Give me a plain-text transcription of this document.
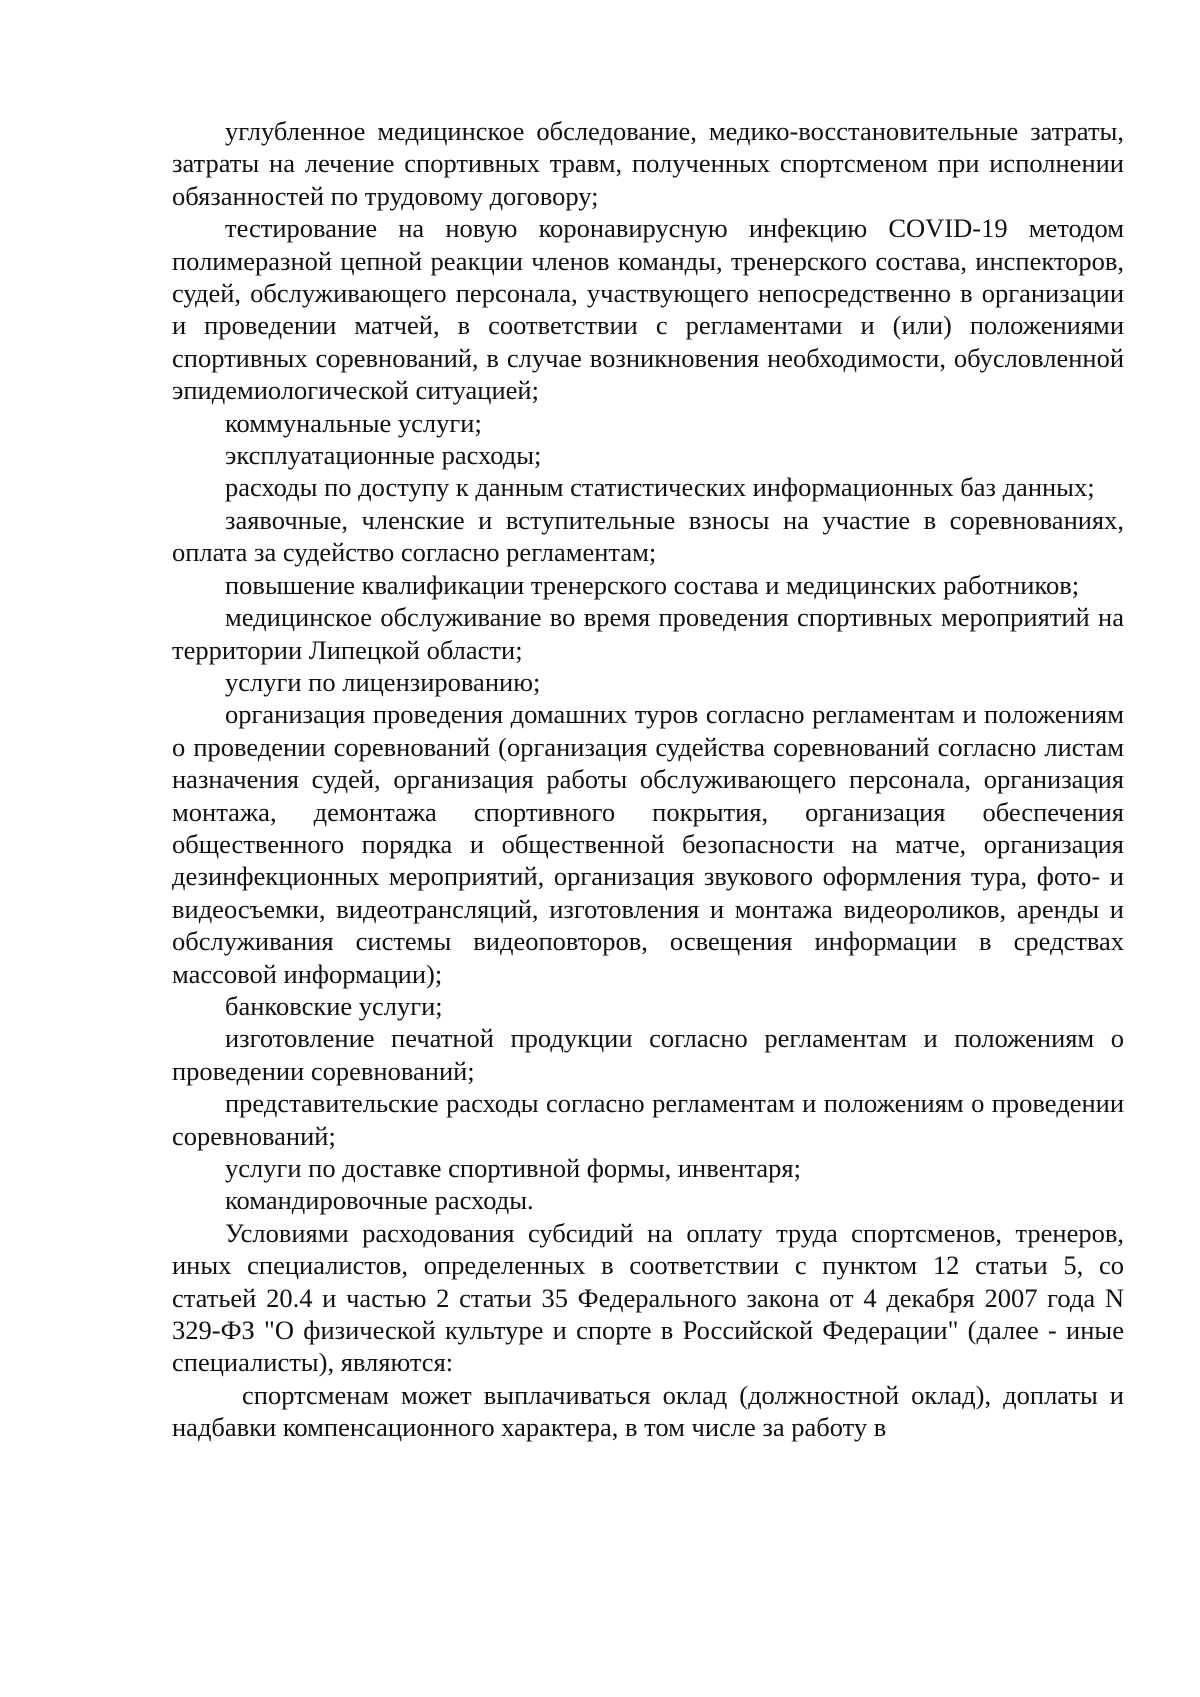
углубленное медицинское обследование, медико-восстановительные затраты, затраты на лечение спортивных травм, полученных спортсменом при исполнении обязанностей по трудовому договору;

тестирование на новую коронавирусную инфекцию COVID-19 методом полимеразной цепной реакции членов команды, тренерского состава, инспекторов, судей, обслуживающего персонала, участвующего непосредственно в организации и проведении матчей, в соответствии с регламентами и (или) положениями спортивных соревнований, в случае возникновения необходимости, обусловленной эпидемиологической ситуацией;

коммунальные услуги;

эксплуатационные расходы;

расходы по доступу к данным статистических информационных баз данных;

заявочные, членские и вступительные взносы на участие в соревнованиях, оплата за судейство согласно регламентам;

повышение квалификации тренерского состава и медицинских работников;

медицинское обслуживание во время проведения спортивных мероприятий на территории Липецкой области;

услуги по лицензированию;

организация проведения домашних туров согласно регламентам и положениям о проведении соревнований (организация судейства соревнований согласно листам назначения судей, организация работы обслуживающего персонала, организация монтажа, демонтажа спортивного покрытия, организация обеспечения общественного порядка и общественной безопасности на матче, организация дезинфекционных мероприятий, организация звукового оформления тура, фото- и видеосъемки, видеотрансляций, изготовления и монтажа видеороликов, аренды и обслуживания системы видеоповторов, освещения информации в средствах массовой информации);

банковские услуги;

изготовление печатной продукции согласно регламентам и положениям о проведении соревнований;

представительские расходы согласно регламентам и положениям о проведении соревнований;

услуги по доставке спортивной формы, инвентаря;

командировочные расходы.

Условиями расходования субсидий на оплату труда спортсменов, тренеров, иных специалистов, определенных в соответствии с пунктом 12 статьи 5, со статьей 20.4 и частью 2 статьи 35 Федерального закона от 4 декабря 2007 года N 329-ФЗ "О физической культуре и спорте в Российской Федерации" (далее - иные специалисты), являются:

спортсменам может выплачиваться оклад (должностной оклад), доплаты и надбавки компенсационного характера, в том числе за работу в
